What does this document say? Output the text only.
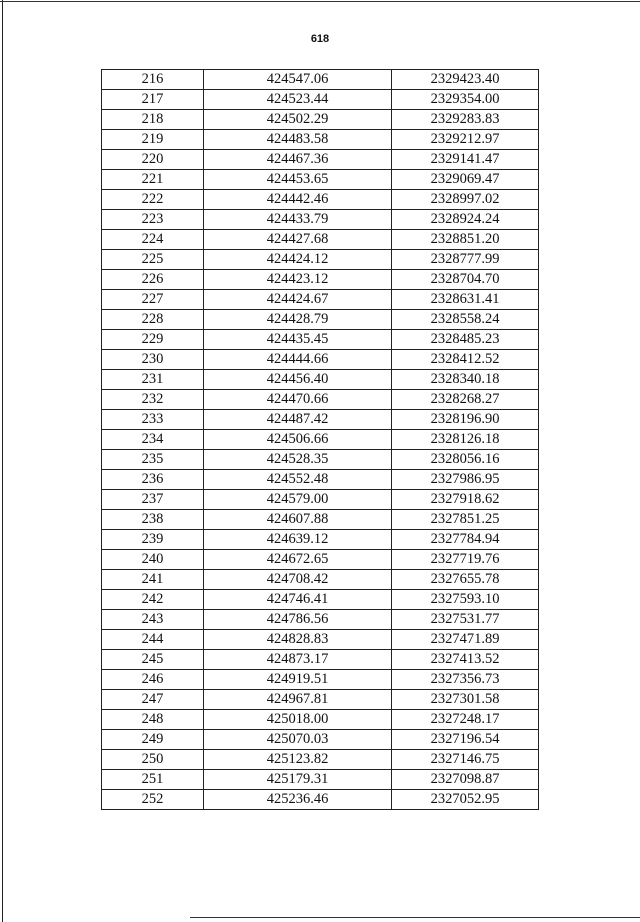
618
216	424547.06	2329423.40
217	424523.44	2329354.00
218	424502.29	2329283.83
219	424483.58	2329212.97
220	424467.36	2329141.47
221	424453.65	2329069.47
222	424442.46	2328997.02
223	424433.79	2328924.24
224	424427.68	2328851.20
225	424424.12	2328777.99
226	424423.12	2328704.70
227	424424.67	2328631.41
228	424428.79	2328558.24
229	424435.45	2328485.23
230	424444.66	2328412.52
231	424456.40	2328340.18
232	424470.66	2328268.27
233	424487.42	2328196.90
234	424506.66	2328126.18
235	424528.35	2328056.16
236	424552.48	2327986.95
237	424579.00	2327918.62
238	424607.88	2327851.25
239	424639.12	2327784.94
240	424672.65	2327719.76
241	424708.42	2327655.78
242	424746.41	2327593.10
243	424786.56	2327531.77
244	424828.83	2327471.89
245	424873.17	2327413.52
246	424919.51	2327356.73
247	424967.81	2327301.58
248	425018.00	2327248.17
249	425070.03	2327196.54
250	425123.82	2327146.75
251	425179.31	2327098.87
252	425236.46	2327052.95
